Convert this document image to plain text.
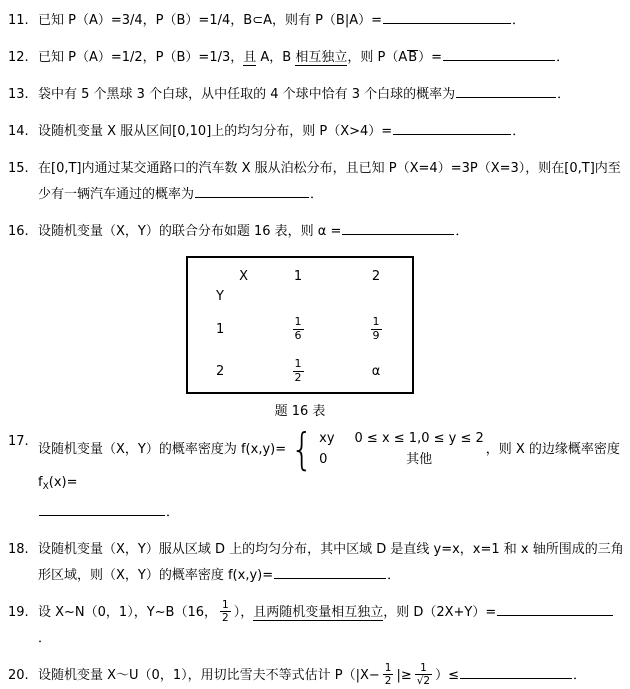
11. 已知 P（A）=3/4，P（B）=1/4，B⊂A，则有 P（B|A）=	．
12. 已知 P（A）=1/2，P（B）=1/3，且 A，B 相互独立，则 P（AB）=	．
13. 袋中有 5 个黑球 3 个白球，从中任取的 4 个球中恰有 3 个白球的概率为	．
14. 设随机变量 X 服从区间[0,10]上的均匀分布，则 P（X>4）=	．
15. 在[0,T]内通过某交通路口的汽车数 X 服从泊松分布，且已知 P（X=4）=3P（X=3），则在[0,T]内至少有一辆汽车通过的概率为	．
16. 设随机变量（X，Y）的联合分布如题 16 表，则 α =	．
X	1	2
Y
1	$\frac{1}{6}$	$\frac{1}{9}$
2	$\frac{1}{2}$	α
题 16 表
17.
设随机变量（X，Y）的概率密度为 f(x,y)= { xy 0 ≤ x ≤ 1,0 ≤ y ≤ 2
0	其他
，则 X 的边缘概率密度 $f_X(x)=$
．
18. 设随机变量（X，Y）服从区域 D 上的均匀分布，其中区域 D 是直线 y=x，x=1 和 x 轴所围成的三角形区域，则（X，Y）的概率密度 f(x,y)=	．
19. 设 X~N（0，1），Y~B（16， $\frac{1}{2}$ ），且两随机变量相互独立，则 D（2X+Y）=．
20. 设随机变量 X～U（0，1），用切比雪夫不等式估计 $P(|X- \frac{1}{2}$ |≥ $\frac{1}{√2}$ ）≤	．
